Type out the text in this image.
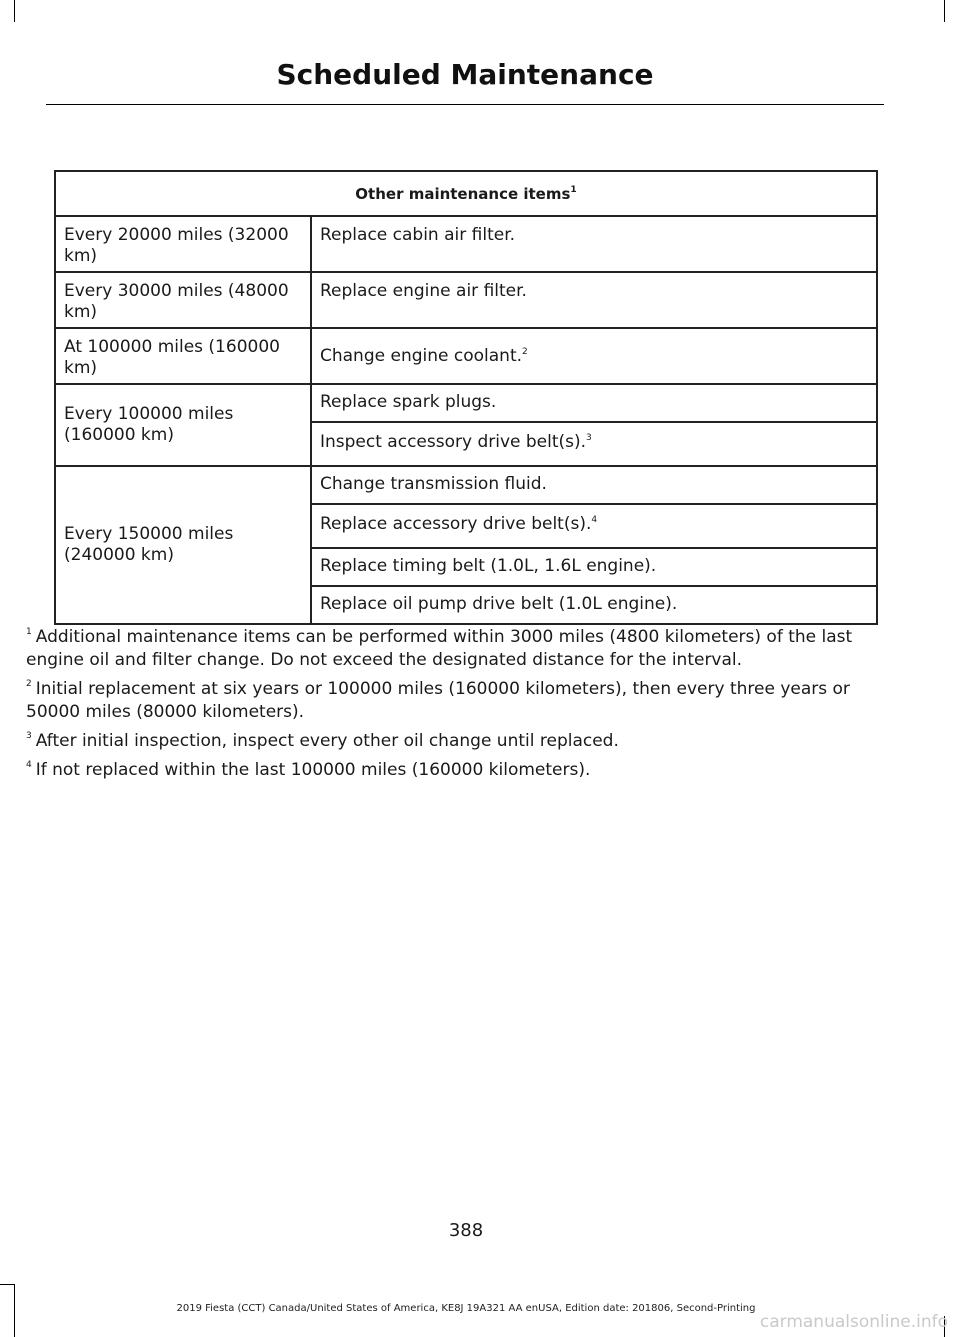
Scheduled Maintenance
Other maintenance items$^1$
Every 20000 miles (32000 km)	Replace cabin air filter.
Every 30000 miles (48000 km)	Replace engine air filter.
At 100000 miles (160000 km)	Change engine coolant.$^2$
Every 100000 miles (160000 km)	Replace spark plugs.
	Inspect accessory drive belt(s).$^3$
Every 150000 miles (240000 km)	Change transmission fluid.
	Replace accessory drive belt(s).$^4$
	Replace timing belt (1.0L, 1.6L engine).
	Replace oil pump drive belt (1.0L engine).

$^1$ Additional maintenance items can be performed within 3000 miles (4800 kilometers) of the last engine oil and filter change. Do not exceed the designated distance for the interval.

$^2$ Initial replacement at six years or 100000 miles (160000 kilometers), then every three years or 50000 miles (80000 kilometers).

$^3$ After initial inspection, inspect every other oil change until replaced.

$^4$ If not replaced within the last 100000 miles (160000 kilometers).

388
2019 Fiesta (CCT) Canada/United States of America, KE8J 19A321 AA enUSA, Edition date: 201806, Second-Printing
carmanualsonline.info
